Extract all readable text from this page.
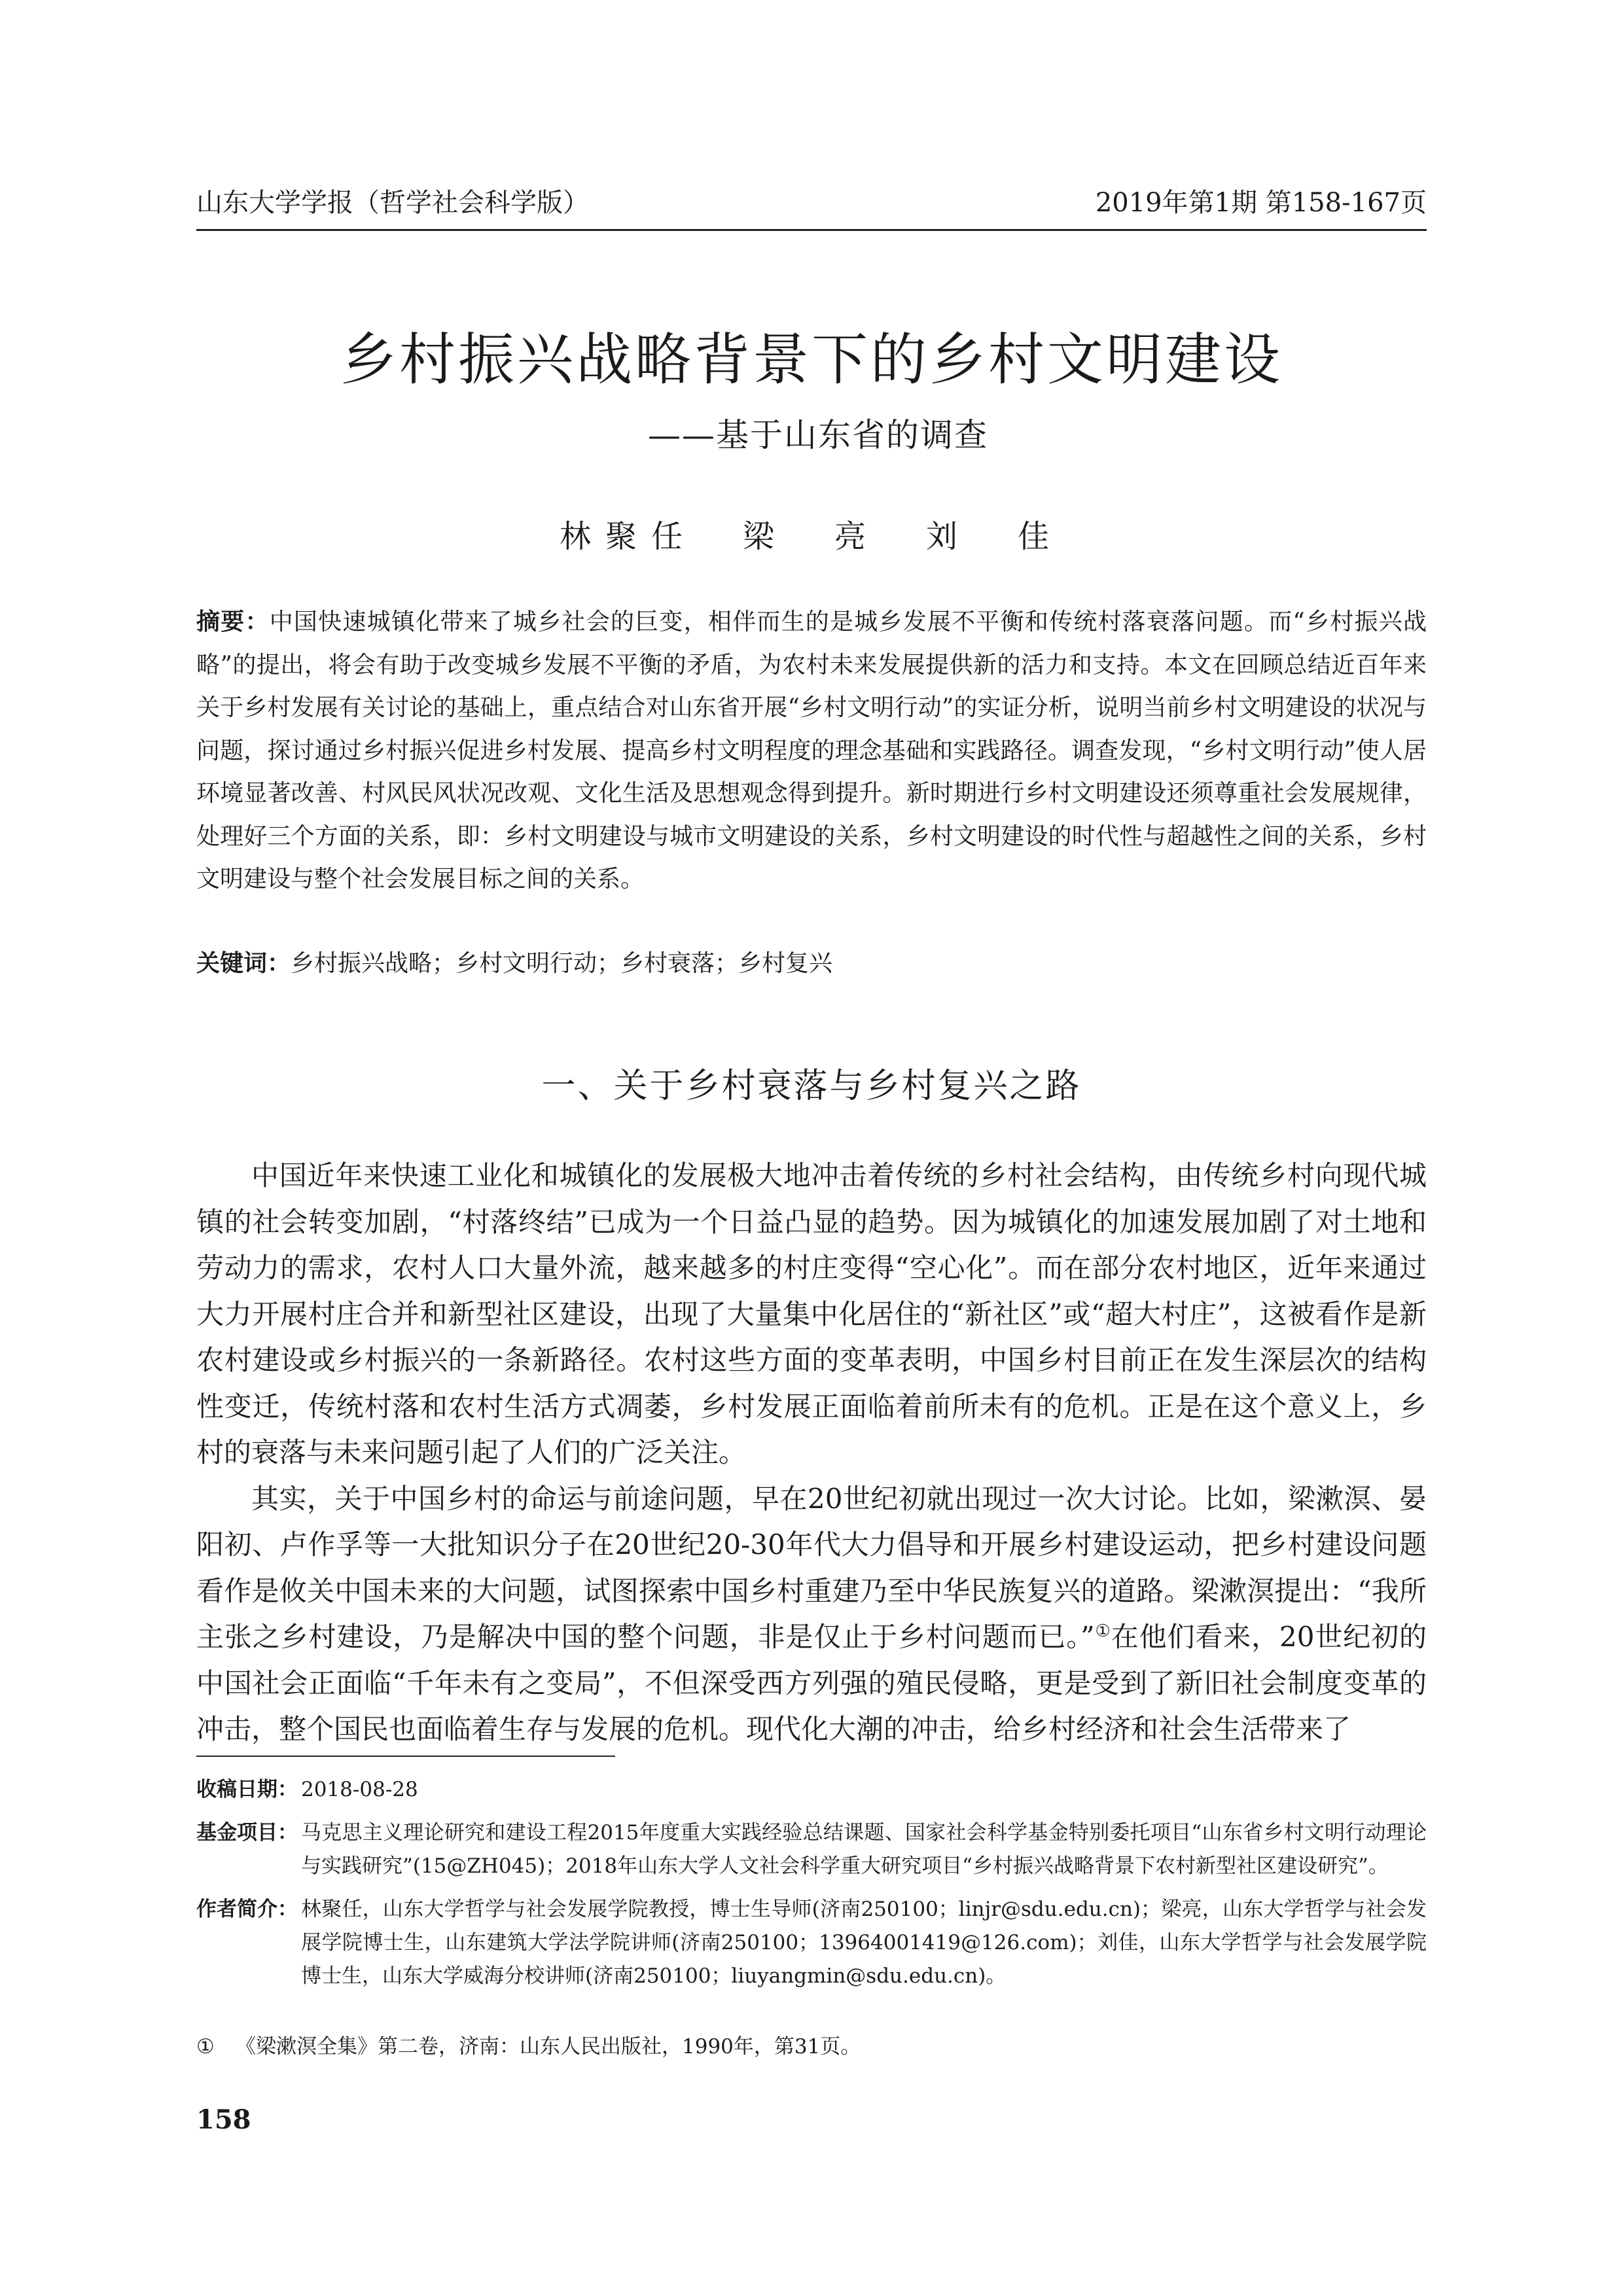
山东大学学报（哲学社会科学版）	2019年第1期 第158-167页
乡村振兴战略背景下的乡村文明建设
——基于山东省的调查
林聚任　梁　亮　刘　佳
摘要：中国快速城镇化带来了城乡社会的巨变，相伴而生的是城乡发展不平衡和传统村落衰落问题。而“乡村振兴战略”的提出，将会有助于改变城乡发展不平衡的矛盾，为农村未来发展提供新的活力和支持。本文在回顾总结近百年来关于乡村发展有关讨论的基础上，重点结合对山东省开展“乡村文明行动”的实证分析，说明当前乡村文明建设的状况与问题，探讨通过乡村振兴促进乡村发展、提高乡村文明程度的理念基础和实践路径。调查发现，“乡村文明行动”使人居环境显著改善、村风民风状况改观、文化生活及思想观念得到提升。新时期进行乡村文明建设还须尊重社会发展规律，处理好三个方面的关系，即：乡村文明建设与城市文明建设的关系，乡村文明建设的时代性与超越性之间的关系，乡村文明建设与整个社会发展目标之间的关系。
关键词：乡村振兴战略；乡村文明行动；乡村衰落；乡村复兴
一、关于乡村衰落与乡村复兴之路

中国近年来快速工业化和城镇化的发展极大地冲击着传统的乡村社会结构，由传统乡村向现代城镇的社会转变加剧，“村落终结”已成为一个日益凸显的趋势。因为城镇化的加速发展加剧了对土地和劳动力的需求，农村人口大量外流，越来越多的村庄变得“空心化”。而在部分农村地区，近年来通过大力开展村庄合并和新型社区建设，出现了大量集中化居住的“新社区”或“超大村庄”，这被看作是新农村建设或乡村振兴的一条新路径。农村这些方面的变革表明，中国乡村目前正在发生深层次的结构性变迁，传统村落和农村生活方式凋萎，乡村发展正面临着前所未有的危机。正是在这个意义上，乡村的衰落与未来问题引起了人们的广泛关注。

其实，关于中国乡村的命运与前途问题，早在20世纪初就出现过一次大讨论。比如，梁漱溟、晏阳初、卢作孚等一大批知识分子在20世纪20-30年代大力倡导和开展乡村建设运动，把乡村建设问题看作是攸关中国未来的大问题，试图探索中国乡村重建乃至中华民族复兴的道路。梁漱溟提出：“我所主张之乡村建设，乃是解决中国的整个问题，非是仅止于乡村问题而已。”①在他们看来，20世纪初的中国社会正面临“千年未有之变局”，不但深受西方列强的殖民侵略，更是受到了新旧社会制度变革的冲击，整个国民也面临着生存与发展的危机。现代化大潮的冲击，给乡村经济和社会生活带来了

收稿日期： 2018-08-28
基金项目： 马克思主义理论研究和建设工程2015年度重大实践经验总结课题、国家社会科学基金特别委托项目“山东省乡村文明行动理论与实践研究”(15@ZH045)；2018年山东大学人文社会科学重大研究项目“乡村振兴战略背景下农村新型社区建设研究”。
作者简介： 林聚任，山东大学哲学与社会发展学院教授，博士生导师(济南250100；linjr@sdu.edu.cn)；梁亮，山东大学哲学与社会发展学院博士生，山东建筑大学法学院讲师(济南250100；13964001419@126.com)；刘佳，山东大学哲学与社会发展学院博士生，山东大学威海分校讲师(济南250100；liuyangmin@sdu.edu.cn)。
① 《梁漱溟全集》第二卷，济南：山东人民出版社，1990年，第31页。
158
